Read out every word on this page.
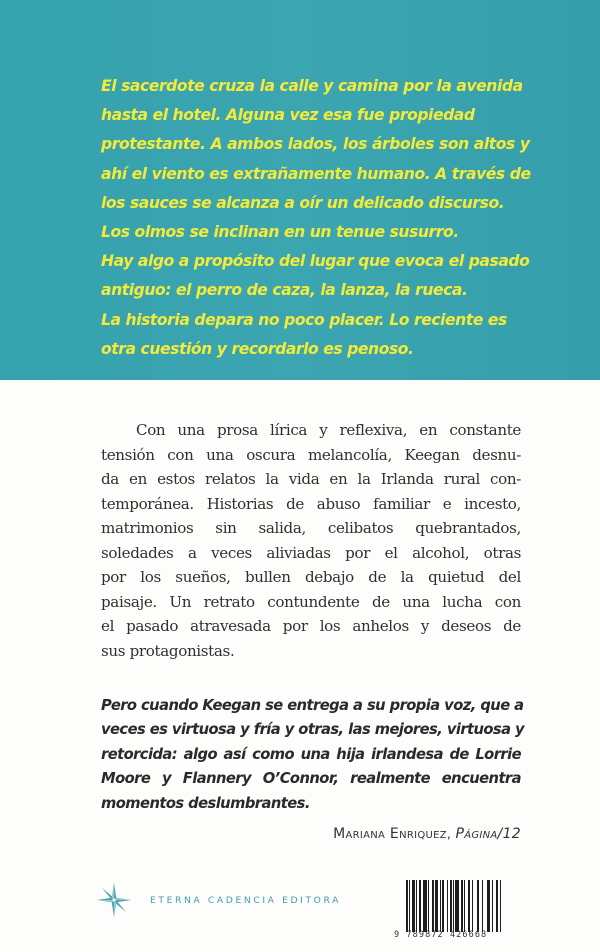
El sacerdote cruza la calle y camina por la avenida
hasta el hotel. Alguna vez esa fue propiedad
protestante. A ambos lados, los árboles son altos y
ahí el viento es extrañamente humano. A través de
los sauces se alcanza a oír un delicado discurso.
Los olmos se inclinan en un tenue susurro.
Hay algo a propósito del lugar que evoca el pasado
antiguo: el perro de caza, la lanza, la rueca.
La historia depara no poco placer. Lo reciente es
otra cuestión y recordarlo es penoso.
Con una prosa lírica y reflexiva, en constante
tensión con una oscura melancolía, Keegan desnu-
da en estos relatos la vida en la Irlanda rural con-
temporánea. Historias de abuso familiar e incesto,
matrimonios sin salida, celibatos quebrantados,
soledades a veces aliviadas por el alcohol, otras
por los sueños, bullen debajo de la quietud del
paisaje. Un retrato contundente de una lucha con
el pasado atravesada por los anhelos y deseos de
sus protagonistas.
Pero cuando Keegan se entrega a su propia voz, que a
veces es virtuosa y fría y otras, las mejores, virtuosa y
retorcida: algo así como una hija irlandesa de Lorrie
Moore y Flannery O’Connor, realmente encuentra
momentos deslumbrantes.
Mariana Enriquez, Página/12
ETERNA CADENCIA EDITORA
9 789872 426668
